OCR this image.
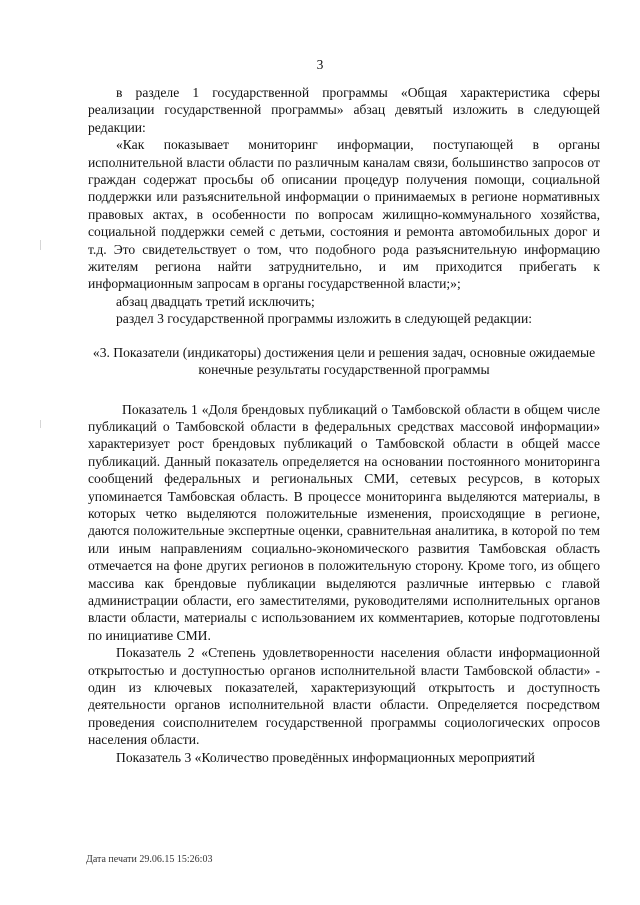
3

в разделе 1 государственной программы «Общая характеристика сферы реализации государственной программы» абзац девятый изложить в следующей редакции:

«Как показывает мониторинг информации, поступающей в органы исполнительной власти области по различным каналам связи, большинство запросов от граждан содержат просьбы об описании процедур получения помощи, социальной поддержки или разъяснительной информации о принимаемых в регионе нормативных правовых актах, в особенности по вопросам жилищно-коммунального хозяйства, социальной поддержки семей с детьми, состояния и ремонта автомобильных дорог и т.д. Это свидетельствует о том, что подобного рода разъяснительную информацию жителям региона найти затруднительно, и им приходится прибегать к информационным запросам в органы государственной власти;»;

абзац двадцать третий исключить;

раздел 3 государственной программы изложить в следующей редакции:

«3. Показатели (индикаторы) достижения цели и решения задач, основные ожидаемые конечные результаты государственной программы

Показатель 1 «Доля брендовых публикаций о Тамбовской области в общем числе публикаций о Тамбовской области в федеральных средствах массовой информации» характеризует рост брендовых публикаций о Тамбовской области в общей массе публикаций. Данный показатель определяется на основании постоянного мониторинга сообщений федеральных и региональных СМИ, сетевых ресурсов, в которых упоминается Тамбовская область. В процессе мониторинга выделяются материалы, в которых четко выделяются положительные изменения, происходящие в регионе, даются положительные экспертные оценки, сравнительная аналитика, в которой по тем или иным направлениям социально-экономического развития Тамбовская область отмечается на фоне других регионов в положительную сторону. Кроме того, из общего массива как брендовые публикации выделяются различные интервью с главой администрации области, его заместителями, руководителями исполнительных органов власти области, материалы с использованием их комментариев, которые подготовлены по инициативе СМИ.

Показатель 2 «Степень удовлетворенности населения области информационной открытостью и доступностью органов исполнительной власти Тамбовской области» - один из ключевых показателей, характеризующий открытость и доступность деятельности органов исполнительной власти области. Определяется посредством проведения соисполнителем государственной программы социологических опросов населения области.

Показатель 3 «Количество проведённых информационных мероприятий

Дата печати 29.06.15 15:26:03
